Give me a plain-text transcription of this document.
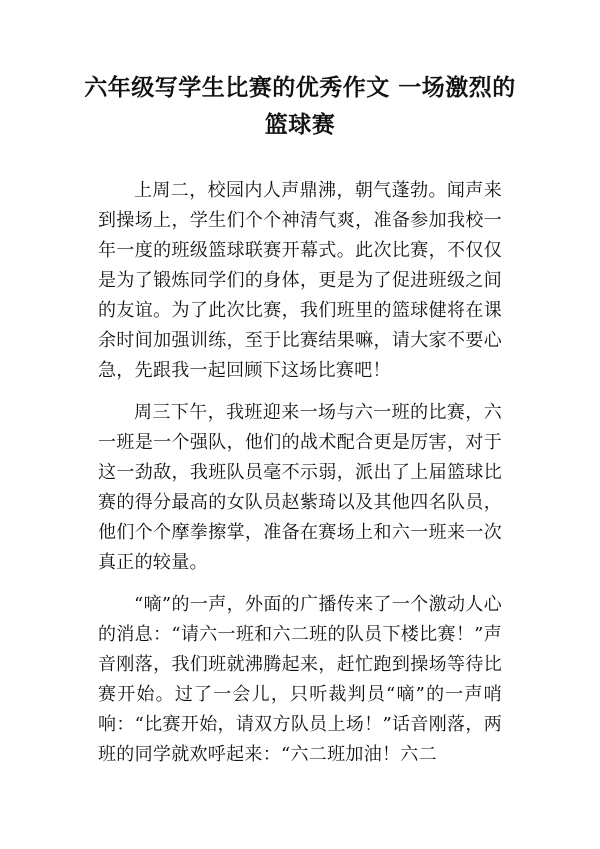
六年级写学生比赛的优秀作文 一场激烈的篮球赛

上周二，校园内人声鼎沸，朝气蓬勃。闻声来到操场上，学生们个个神清气爽，准备参加我校一年一度的班级篮球联赛开幕式。此次比赛，不仅仅是为了锻炼同学们的身体，更是为了促进班级之间的友谊。为了此次比赛，我们班里的篮球健将在课余时间加强训练，至于比赛结果嘛，请大家不要心急，先跟我一起回顾下这场比赛吧！

周三下午，我班迎来一场与六一班的比赛，六一班是一个强队，他们的战术配合更是厉害，对于这一劲敌，我班队员毫不示弱，派出了上届篮球比赛的得分最高的女队员赵紫琦以及其他四名队员，他们个个摩拳擦掌，准备在赛场上和六一班来一次真正的较量。

“嘀”的一声，外面的广播传来了一个激动人心的消息：“请六一班和六二班的队员下楼比赛！”声音刚落，我们班就沸腾起来，赶忙跑到操场等待比赛开始。过了一会儿，只听裁判员“嘀”的一声哨响：“比赛开始，请双方队员上场！”话音刚落，两班的同学就欢呼起来：“六二班加油！六二
